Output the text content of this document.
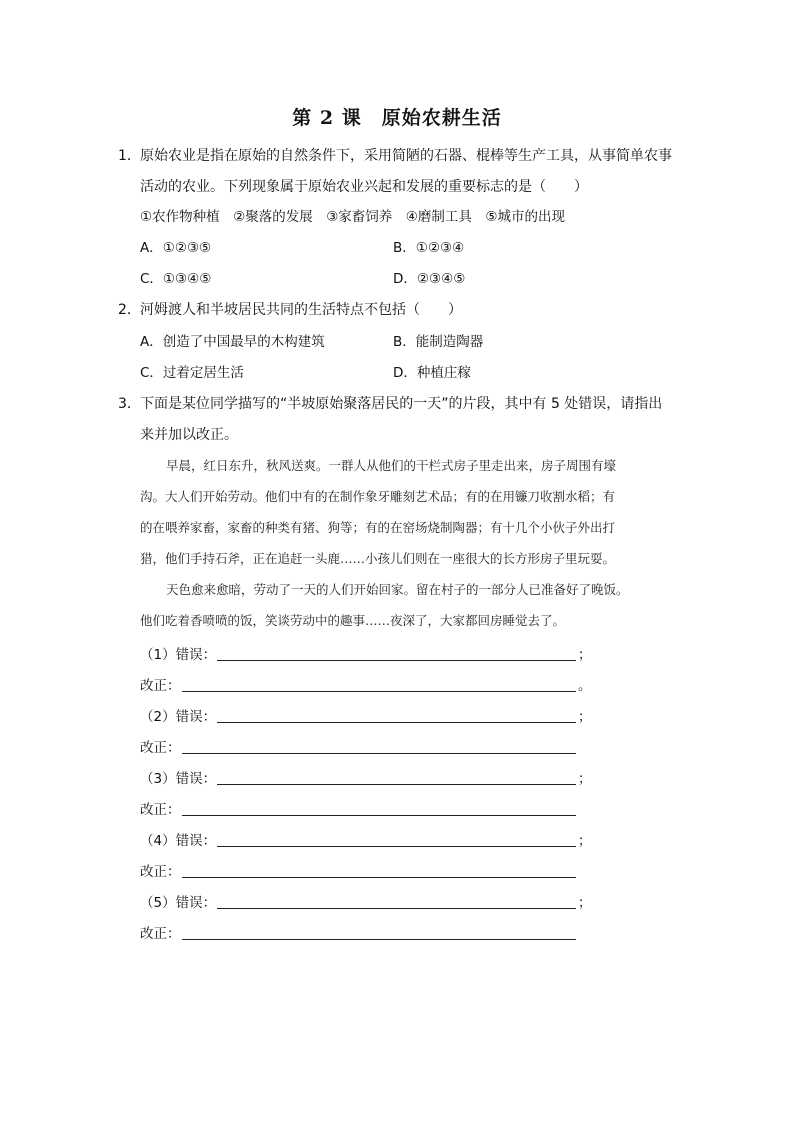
第 2 课　原始农耕生活
1．原始农业是指在原始的自然条件下，采用简陋的石器、棍棒等生产工具，从事简单农事
活动的农业。下列现象属于原始农业兴起和发展的重要标志的是（　　）
①农作物种植　②聚落的发展　③家畜饲养　④磨制工具　⑤城市的出现
A．①②③⑤	B．①②③④
C．①③④⑤	D．②③④⑤
2．河姆渡人和半坡居民共同的生活特点不包括（　　）
A．创造了中国最早的木构建筑	B．能制造陶器
C．过着定居生活	D．种植庄稼
3．下面是某位同学描写的“半坡原始聚落居民的一天”的片段，其中有 5 处错误，请指出
来并加以改正。
早晨，红日东升，秋风送爽。一群人从他们的干栏式房子里走出来，房子周围有壕
沟。大人们开始劳动。他们中有的在制作象牙雕刻艺术品；有的在用镰刀收割水稻；有
的在喂养家畜，家畜的种类有猪、狗等；有的在窑场烧制陶器；有十几个小伙子外出打
猎，他们手持石斧，正在追赶一头鹿……小孩儿们则在一座很大的长方形房子里玩耍。
天色愈来愈暗，劳动了一天的人们开始回家。留在村子的一部分人已准备好了晚饭。
他们吃着香喷喷的饭，笑谈劳动中的趣事……夜深了，大家都回房睡觉去了。
（1）错误：	；
改正：	。
（2）错误：	；
改正：
（3）错误：	；
改正：
（4）错误：	；
改正：
（5）错误：	；
改正：
